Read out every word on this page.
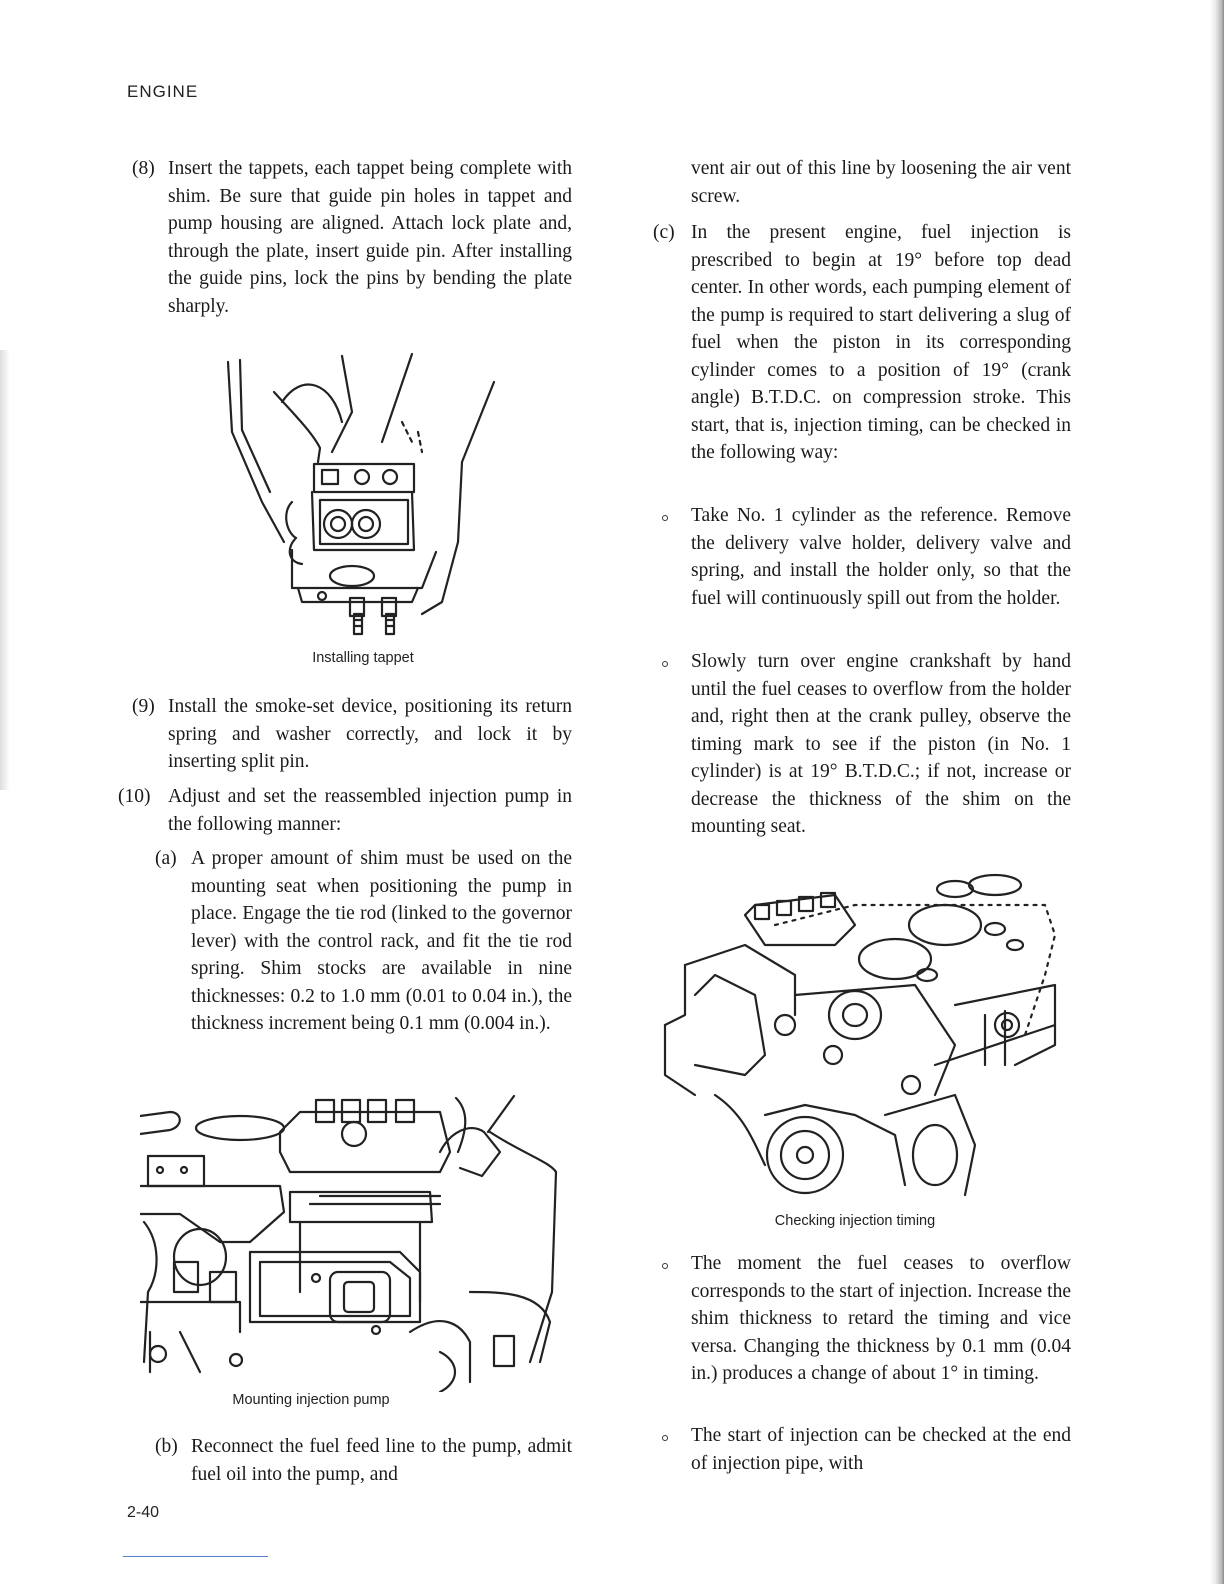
ENGINE
(8) Insert the tappets, each tappet being complete with shim. Be sure that guide pin holes in tappet and pump housing are aligned. Attach lock plate and, through the plate, insert guide pin. After installing the guide pins, lock the pins by bending the plate sharply.

Installing tappet
(9) Install the smoke-set device, positioning its return spring and washer correctly, and lock it by inserting split pin.

(10) Adjust and set the reassembled injection pump in the following manner:

(a) A proper amount of shim must be used on the mounting seat when positioning the pump in place. Engage the tie rod (linked to the governor lever) with the control rack, and fit the tie rod spring. Shim stocks are available in nine thicknesses: 0.2 to 1.0 mm (0.01 to 0.04 in.), the thickness increment being 0.1 mm (0.004 in.).

Mounting injection pump
(b) Reconnect the fuel feed line to the pump, admit fuel oil into the pump, and

vent air out of this line by loosening the air vent screw.

(c) In the present engine, fuel injection is prescribed to begin at 19° before top dead center. In other words, each pumping element of the pump is required to start delivering a slug of fuel when the piston in its corresponding cylinder comes to a position of 19° (crank angle) B.T.D.C. on compression stroke. This start, that is, injection timing, can be checked in the following way:

Take No. 1 cylinder as the reference. Remove the delivery valve holder, delivery valve and spring, and install the holder only, so that the fuel will continuously spill out from the holder.

Slowly turn over engine crankshaft by hand until the fuel ceases to overflow from the holder and, right then at the crank pulley, observe the timing mark to see if the piston (in No. 1 cylinder) is at 19° B.T.D.C.; if not, increase or decrease the thickness of the shim on the mounting seat.

Checking injection timing

The moment the fuel ceases to overflow corresponds to the start of injection. Increase the shim thickness to retard the timing and vice versa. Changing the thickness by 0.1 mm (0.04 in.) produces a change of about 1° in timing.

The start of injection can be checked at the end of injection pipe, with

2-40
